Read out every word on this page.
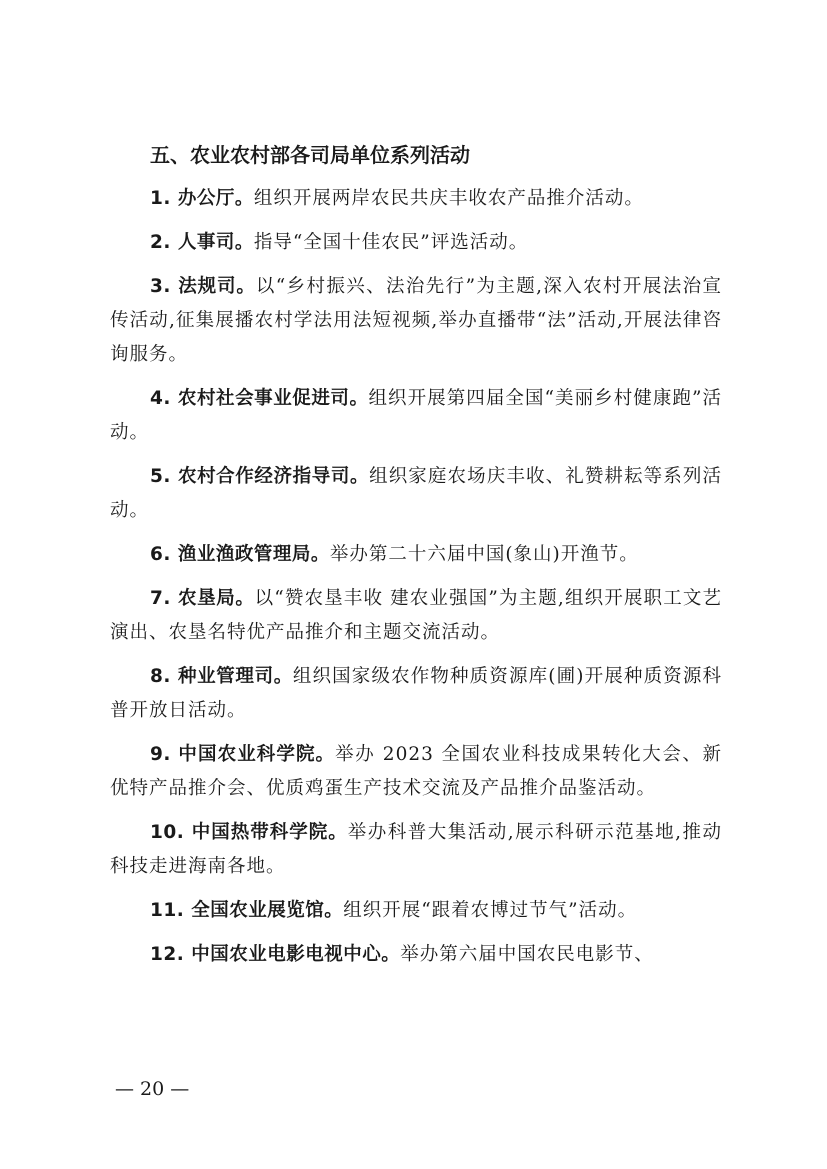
五、农业农村部各司局单位系列活动

1. 办公厅。组织开展两岸农民共庆丰收农产品推介活动。

2. 人事司。指导“全国十佳农民”评选活动。

3. 法规司。以“乡村振兴、法治先行”为主题,深入农村开展法治宣传活动,征集展播农村学法用法短视频,举办直播带“法”活动,开展法律咨询服务。

4. 农村社会事业促进司。组织开展第四届全国“美丽乡村健康跑”活动。

5. 农村合作经济指导司。组织家庭农场庆丰收、礼赞耕耘等系列活动。

6. 渔业渔政管理局。举办第二十六届中国(象山)开渔节。

7. 农垦局。以“赞农垦丰收 建农业强国”为主题,组织开展职工文艺演出、农垦名特优产品推介和主题交流活动。

8. 种业管理司。组织国家级农作物种质资源库(圃)开展种质资源科普开放日活动。

9. 中国农业科学院。举办 2023 全国农业科技成果转化大会、新优特产品推介会、优质鸡蛋生产技术交流及产品推介品鉴活动。

10. 中国热带科学院。举办科普大集活动,展示科研示范基地,推动科技走进海南各地。

11. 全国农业展览馆。组织开展“跟着农博过节气”活动。

12. 中国农业电影电视中心。举办第六届中国农民电影节、

— 20 —
